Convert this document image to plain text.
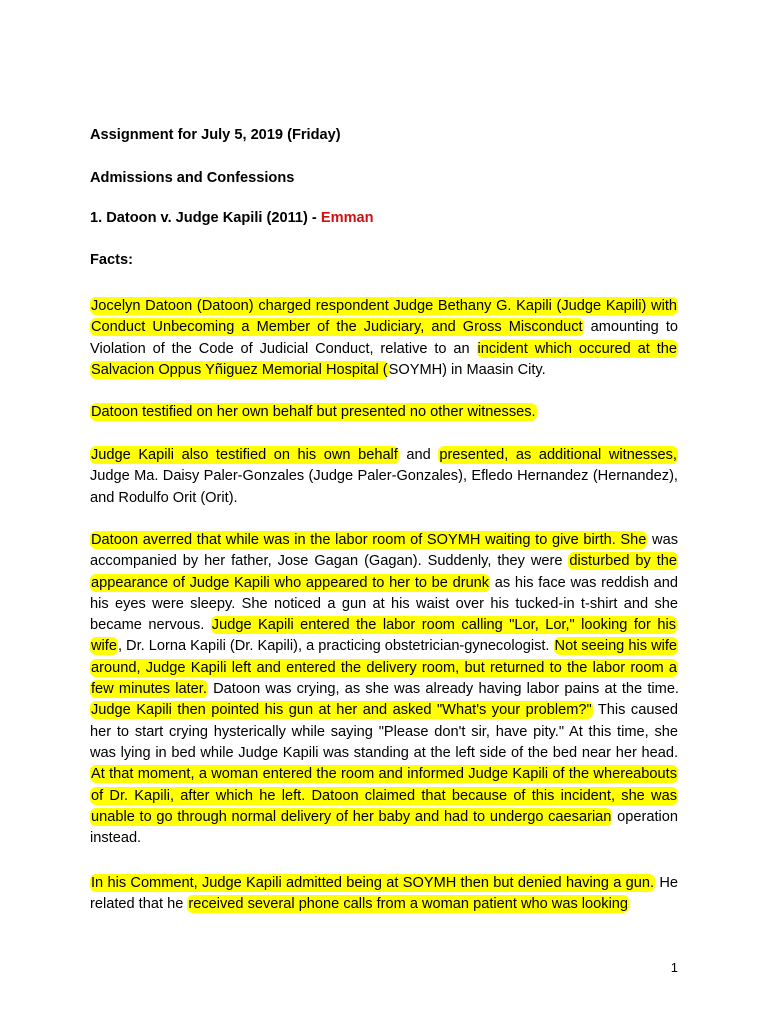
Assignment for July 5, 2019 (Friday)

Admissions and Confessions

1. Datoon v. Judge Kapili (2011) - Emman

Facts:

Jocelyn Datoon (Datoon) charged respondent Judge Bethany G. Kapili (Judge Kapili) with Conduct Unbecoming a Member of the Judiciary, and Gross Misconduct amounting to Violation of the Code of Judicial Conduct, relative to an incident which occured at the Salvacion Oppus Yñiguez Memorial Hospital (SOYMH) in Maasin City.

Datoon testified on her own behalf but presented no other witnesses.

Judge Kapili also testified on his own behalf and presented, as additional witnesses, Judge Ma. Daisy Paler-Gonzales (Judge Paler-Gonzales), Efledo Hernandez (Hernandez), and Rodulfo Orit (Orit).

Datoon averred that while was in the labor room of SOYMH waiting to give birth. She was accompanied by her father, Jose Gagan (Gagan). Suddenly, they were disturbed by the appearance of Judge Kapili who appeared to her to be drunk as his face was reddish and his eyes were sleepy. She noticed a gun at his waist over his tucked-in t-shirt and she became nervous. Judge Kapili entered the labor room calling "Lor, Lor," looking for his wife, Dr. Lorna Kapili (Dr. Kapili), a practicing obstetrician-gynecologist. Not seeing his wife around, Judge Kapili left and entered the delivery room, but returned to the labor room a few minutes later. Datoon was crying, as she was already having labor pains at the time. Judge Kapili then pointed his gun at her and asked "What's your problem?" This caused her to start crying hysterically while saying "Please don't sir, have pity." At this time, she was lying in bed while Judge Kapili was standing at the left side of the bed near her head. At that moment, a woman entered the room and informed Judge Kapili of the whereabouts of Dr. Kapili, after which he left. Datoon claimed that because of this incident, she was unable to go through normal delivery of her baby and had to undergo caesarian operation instead.

In his Comment, Judge Kapili admitted being at SOYMH then but denied having a gun. He related that he received several phone calls from a woman patient who was looking

1
